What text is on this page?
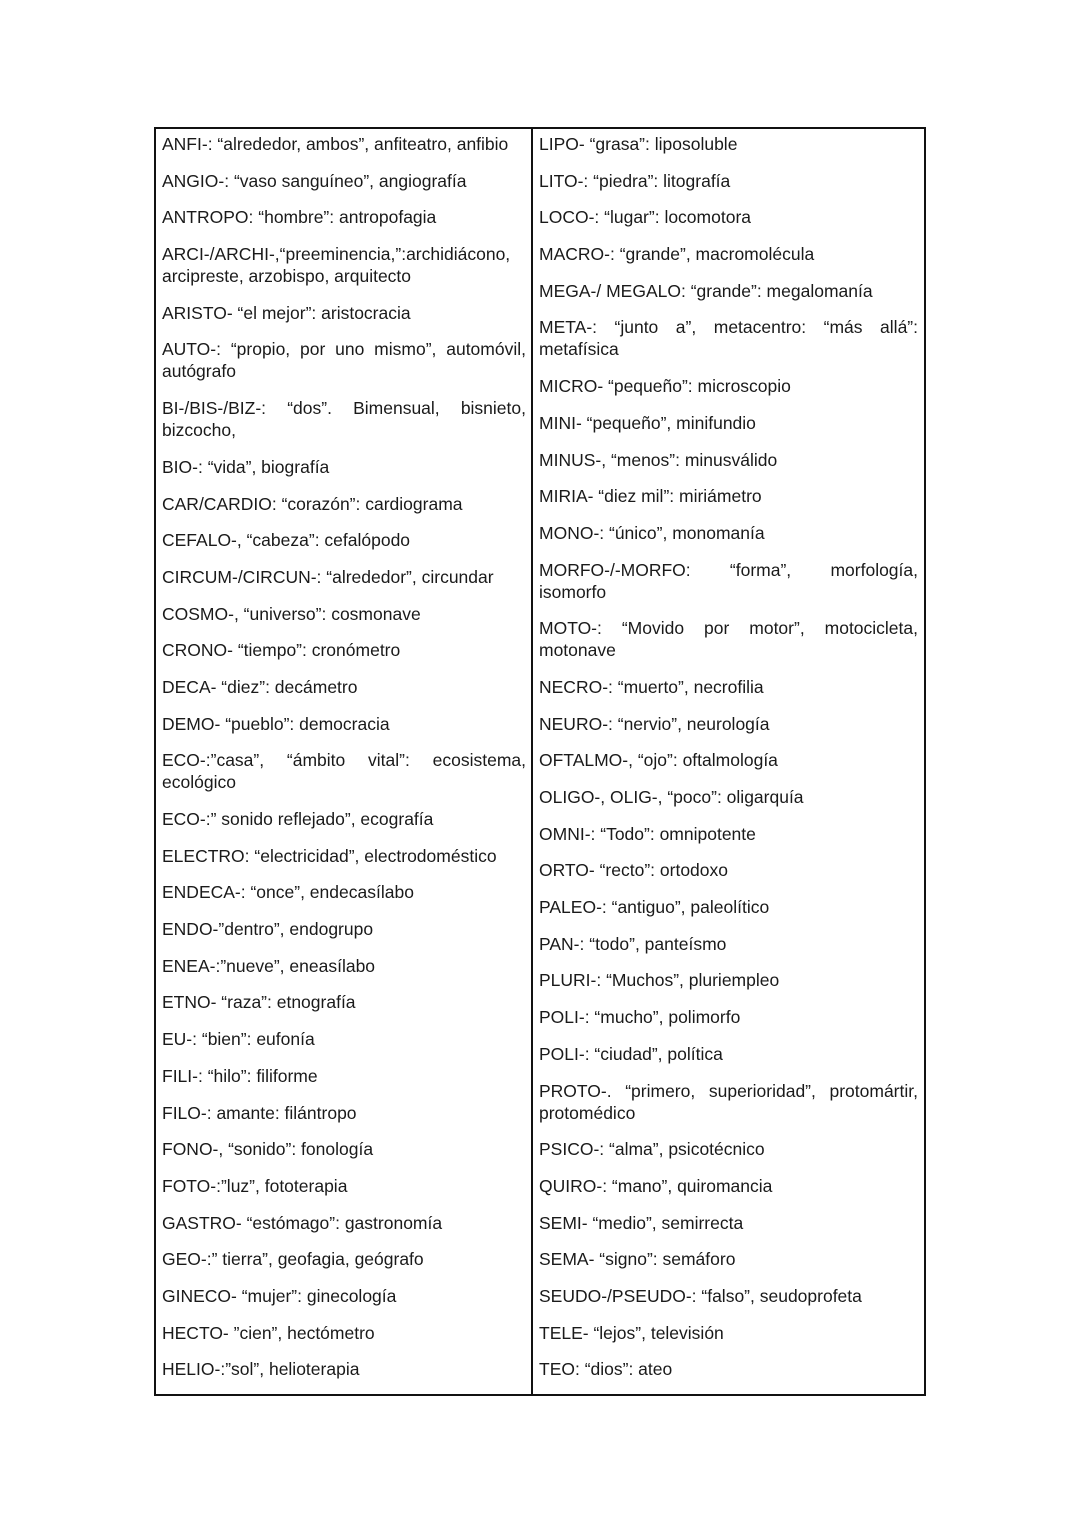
ANFI-: “alrededor, ambos”, anfiteatro, anfibio
ANGIO-: “vaso sanguíneo”, angiografía
ANTROPO: “hombre”: antropofagia
ARCI-/ARCHI-,“preeminencia,”:archidiácono, arcipreste, arzobispo, arquitecto
ARISTO- “el mejor”: aristocracia
AUTO-: “propio, por uno mismo”, automóvil, autógrafo
BI-/BIS-/BIZ-: “dos”. Bimensual, bisnieto, bizcocho,
BIO-: “vida”, biografía
CAR/CARDIO: “corazón”: cardiograma
CEFALO-, “cabeza”: cefalópodo
CIRCUM-/CIRCUN-: “alrededor”, circundar
COSMO-, “universo”: cosmonave
CRONO- “tiempo”: cronómetro
DECA- “diez”: decámetro
DEMO- “pueblo”: democracia
ECO-:”casa”, “ámbito vital”: ecosistema, ecológico
ECO-:” sonido reflejado”, ecografía
ELECTRO: “electricidad”, electrodoméstico
ENDECA-: “once”, endecasílabo
ENDO-”dentro”, endogrupo
ENEA-:”nueve”, eneasílabo
ETNO- “raza”: etnografía
EU-: “bien”: eufonía
FILI-: “hilo”: filiforme
FILO-: amante: filántropo
FONO-, “sonido”: fonología
FOTO-:”luz”, fototerapia
GASTRO- “estómago”: gastronomía
GEO-:” tierra”, geofagia, geógrafo
GINECO- “mujer”: ginecología
HECTO- ”cien”, hectómetro
HELIO-:”sol”, helioterapia
LIPO- “grasa”: liposoluble
LITO-: “piedra”: litografía
LOCO-: “lugar”: locomotora
MACRO-: “grande”, macromolécula
MEGA-/ MEGALO: “grande”: megalomanía
META-: “junto a”, metacentro: “más allá”: metafísica
MICRO- “pequeño”: microscopio
MINI- “pequeño”, minifundio
MINUS-, “menos”: minusválido
MIRIA- “diez mil”: miriámetro
MONO-: “único”, monomanía
MORFO-/-MORFO: “forma”, morfología, isomorfo
MOTO-: “Movido por motor”, motocicleta, motonave
NECRO-: “muerto”, necrofilia
NEURO-: “nervio”, neurología
OFTALMO-, “ojo”: oftalmología
OLIGO-, OLIG-, “poco”: oligarquía
OMNI-: “Todo”: omnipotente
ORTO- “recto”: ortodoxo
PALEO-: “antiguo”, paleolítico
PAN-: “todo”, panteísmo
PLURI-: “Muchos”, pluriempleo
POLI-: “mucho”, polimorfo
POLI-: “ciudad”, política
PROTO-. “primero, superioridad”, protomártir, protomédico
PSICO-: “alma”, psicotécnico
QUIRO-: “mano”, quiromancia
SEMI- “medio”, semirrecta
SEMA- “signo”: semáforo
SEUDO-/PSEUDO-: “falso”, seudoprofeta
TELE- “lejos”, televisión
TEO: “dios”: ateo
